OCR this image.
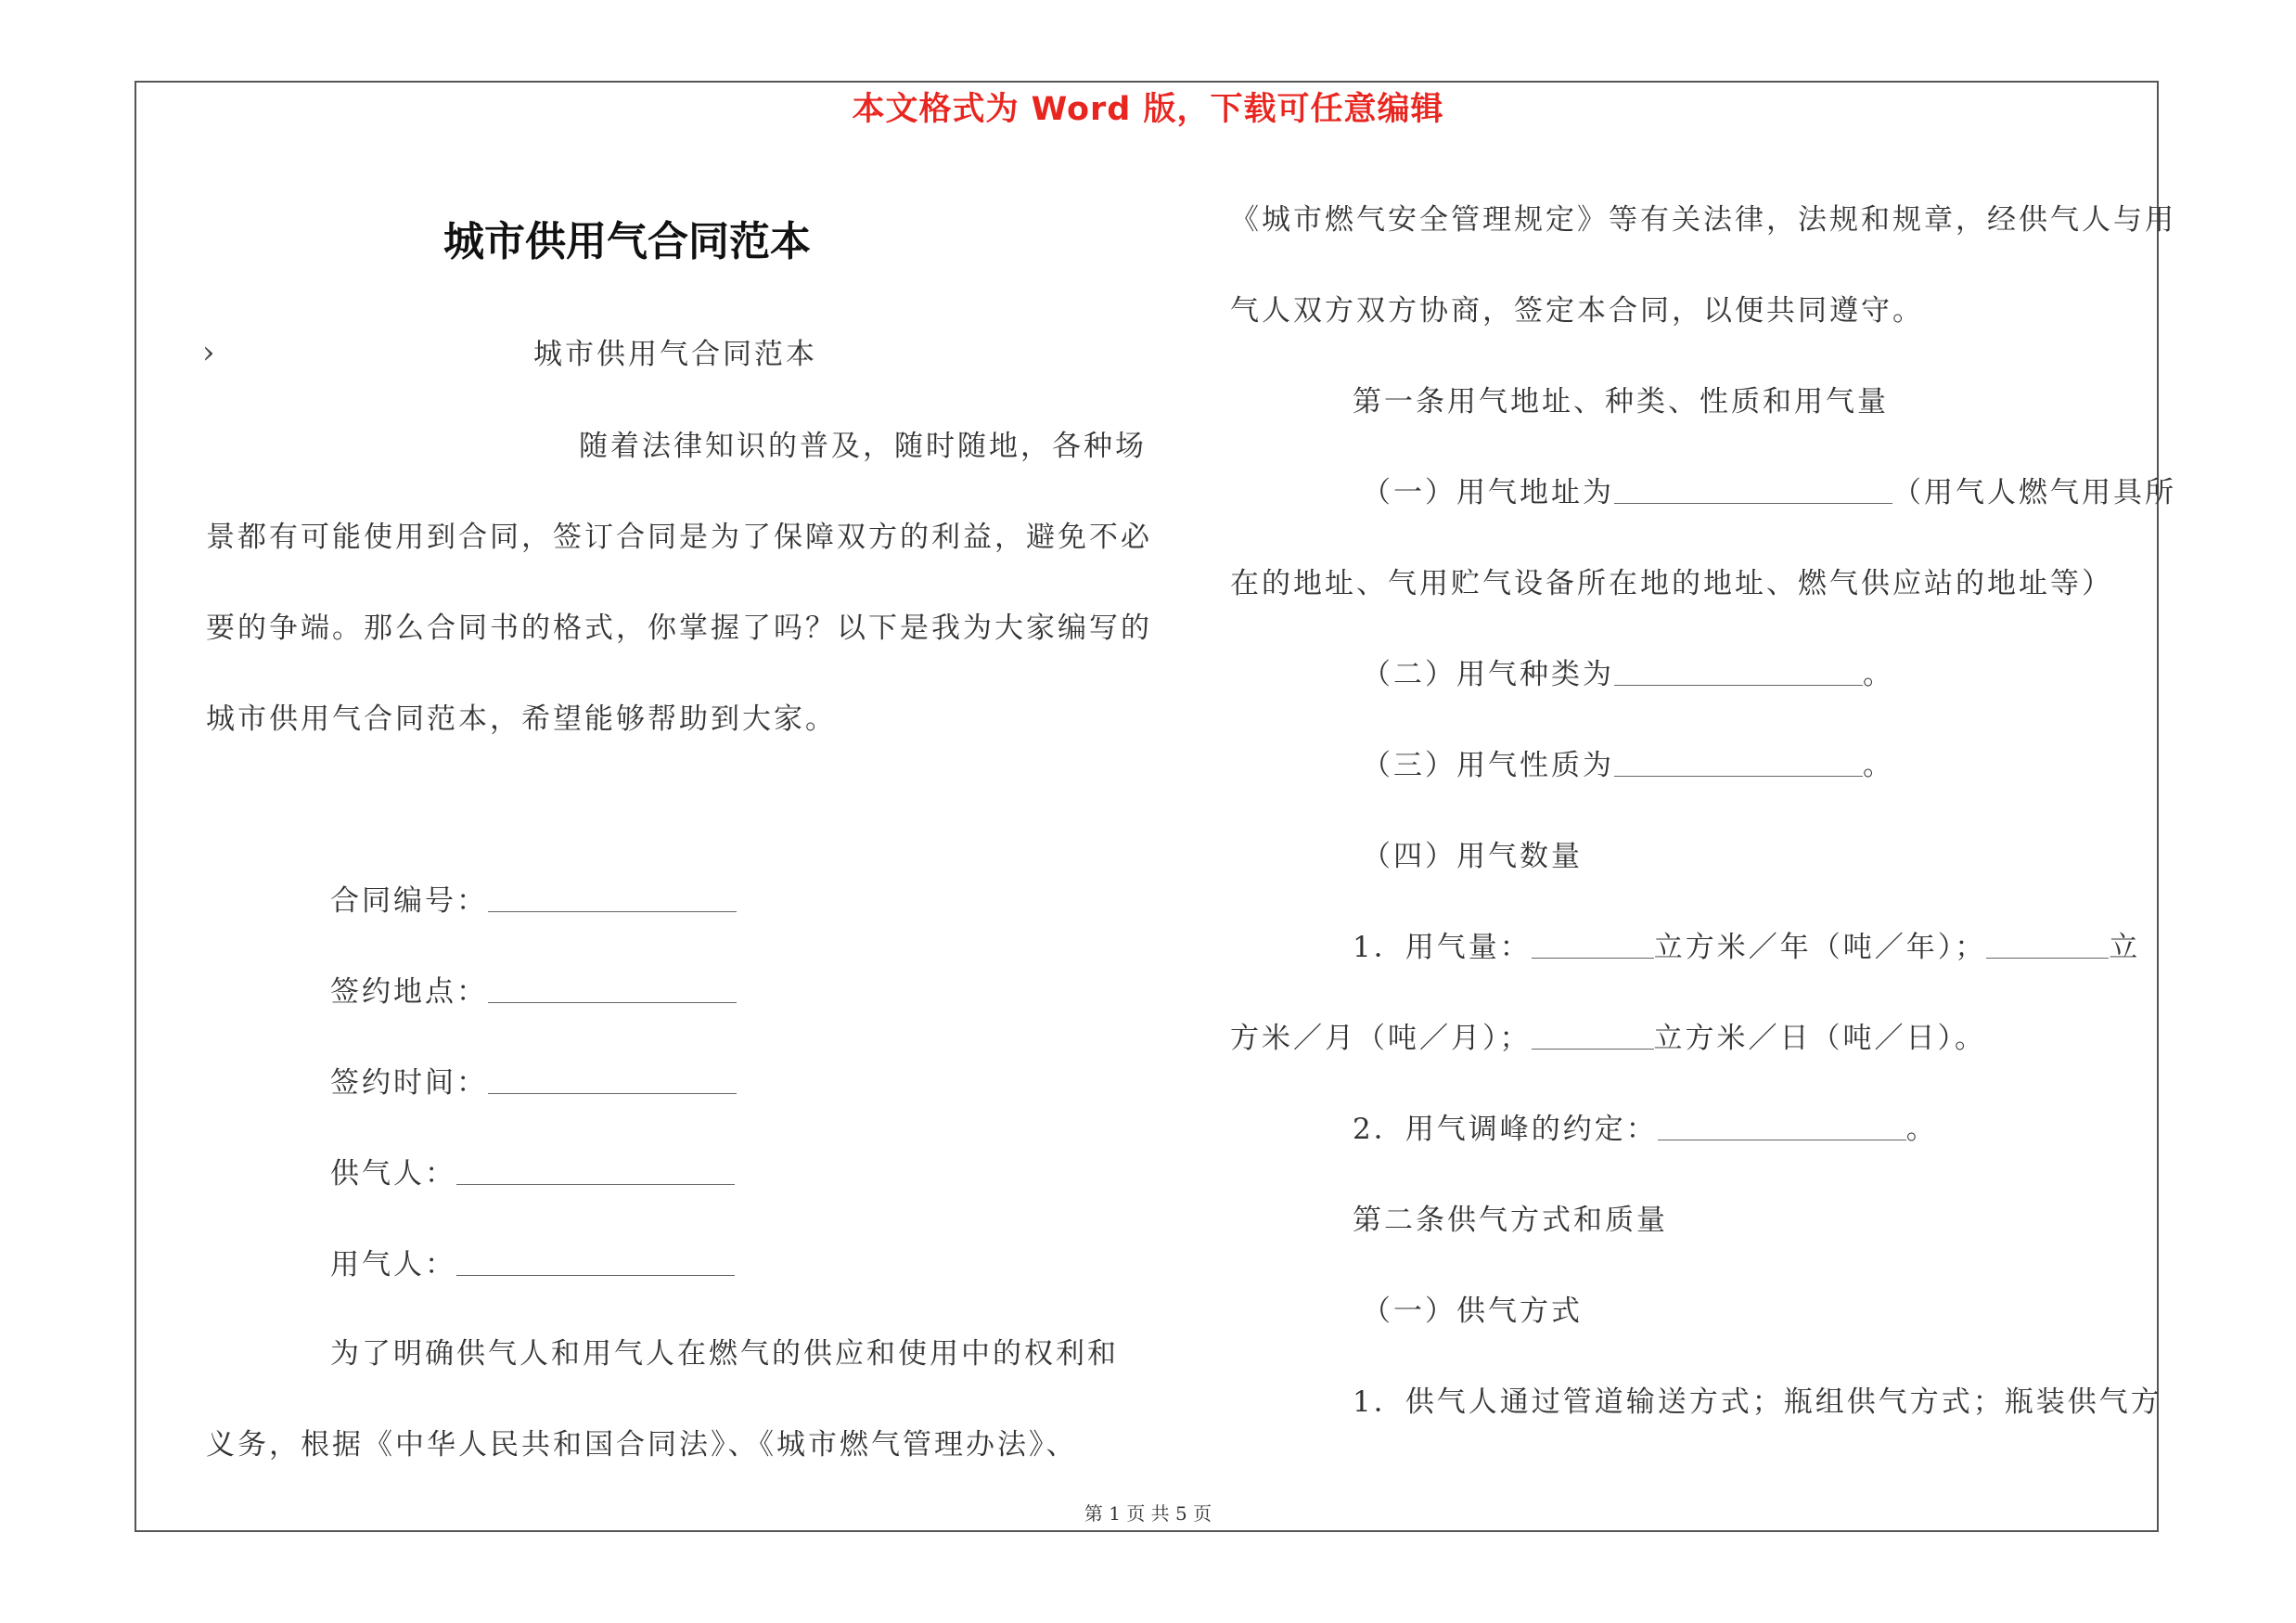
本文格式为 Word 版，下载可任意编辑
城市供用气合同范本
›	城市供用气合同范本
随着法律知识的普及，随时随地，各种场
景都有可能使用到合同，签订合同是为了保障双方的利益，避免不必
要的争端。那么合同书的格式，你掌握了吗？以下是我为大家编写的
城市供用气合同范本，希望能够帮助到大家。
合同编号：
签约地点：
签约时间：
供气人：
用气人：
为了明确供气人和用气人在燃气的供应和使用中的权利和
义务，根据《中华人民共和国合同法》、《城市燃气管理办法》、
《城市燃气安全管理规定》等有关法律，法规和规章，经供气人与用
气人双方双方协商，签定本合同，以便共同遵守。
第一条用气地址、种类、性质和用气量
（一）用气地址为	（用气人燃气用具所
在的地址、气用贮气设备所在地的地址、燃气供应站的地址等）
（二）用气种类为	。
（三）用气性质为	。
（四）用气数量
1．用气量：	立方米／年（吨／年）；	立
方米／月（吨／月）；	立方米／日（吨／日）。
2．用气调峰的约定：	。
第二条供气方式和质量
（一）供气方式
1．供气人通过管道输送方式；瓶组供气方式；瓶装供气方
第 1 页 共 5 页
